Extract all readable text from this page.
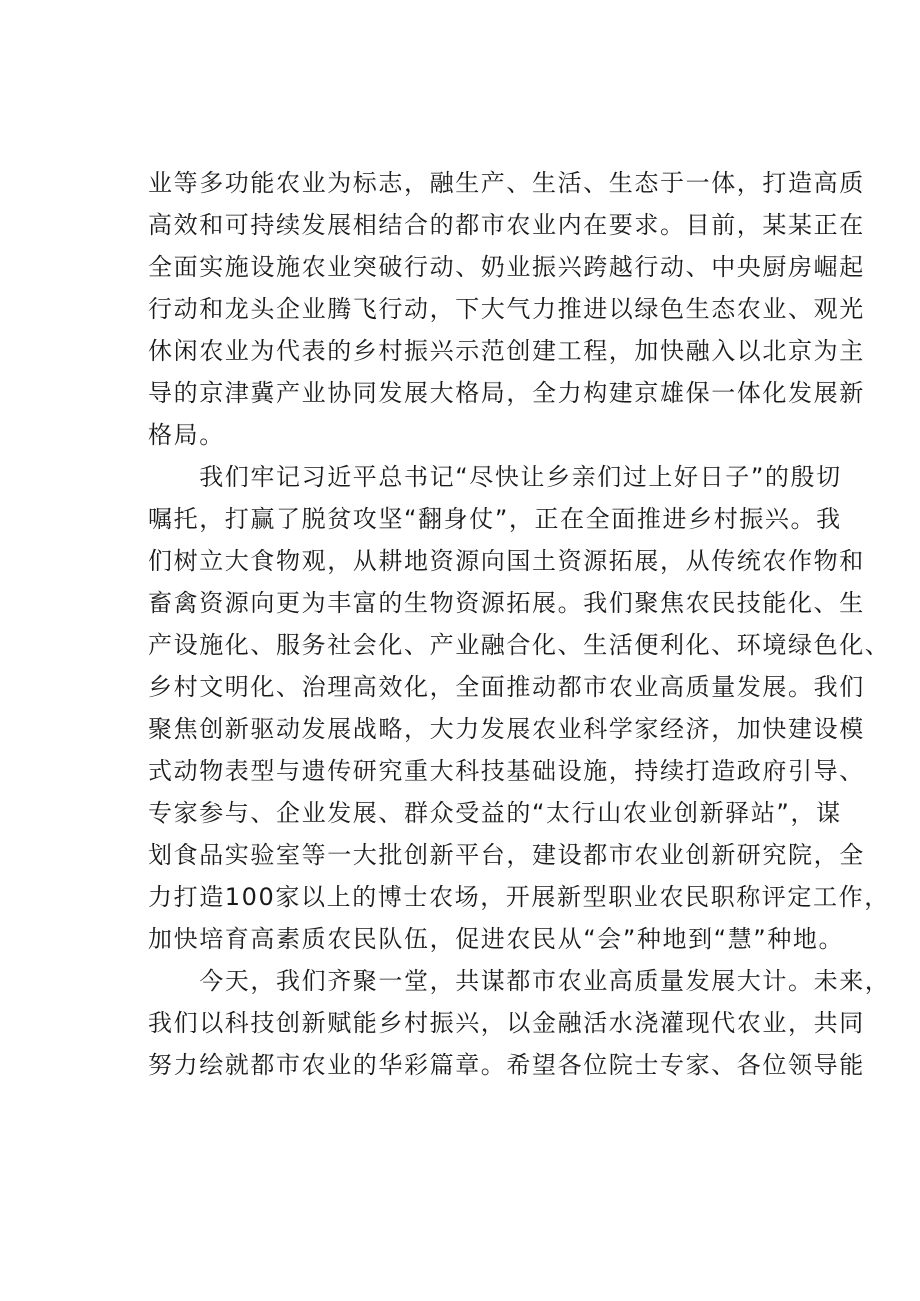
业等多功能农业为标志，融生产、生活、生态于一体，打造高质
高效和可持续发展相结合的都市农业内在要求。目前，某某正在
全面实施设施农业突破行动、奶业振兴跨越行动、中央厨房崛起
行动和龙头企业腾飞行动，下大气力推进以绿色生态农业、观光
休闲农业为代表的乡村振兴示范创建工程，加快融入以北京为主
导的京津冀产业协同发展大格局，全力构建京雄保一体化发展新
格局。
　　我们牢记习近平总书记“尽快让乡亲们过上好日子”的殷切
嘱托，打赢了脱贫攻坚“翻身仗”，正在全面推进乡村振兴。我
们树立大食物观，从耕地资源向国土资源拓展，从传统农作物和
畜禽资源向更为丰富的生物资源拓展。我们聚焦农民技能化、生
产设施化、服务社会化、产业融合化、生活便利化、环境绿色化、
乡村文明化、治理高效化，全面推动都市农业高质量发展。我们
聚焦创新驱动发展战略，大力发展农业科学家经济，加快建设模
式动物表型与遗传研究重大科技基础设施，持续打造政府引导、
专家参与、企业发展、群众受益的“太行山农业创新驿站”，谋
划食品实验室等一大批创新平台，建设都市农业创新研究院，全
力打造100家以上的博士农场，开展新型职业农民职称评定工作，
加快培育高素质农民队伍，促进农民从“会”种地到“慧”种地。
　　今天，我们齐聚一堂，共谋都市农业高质量发展大计。未来，
我们以科技创新赋能乡村振兴，以金融活水浇灌现代农业，共同
努力绘就都市农业的华彩篇章。希望各位院士专家、各位领导能
